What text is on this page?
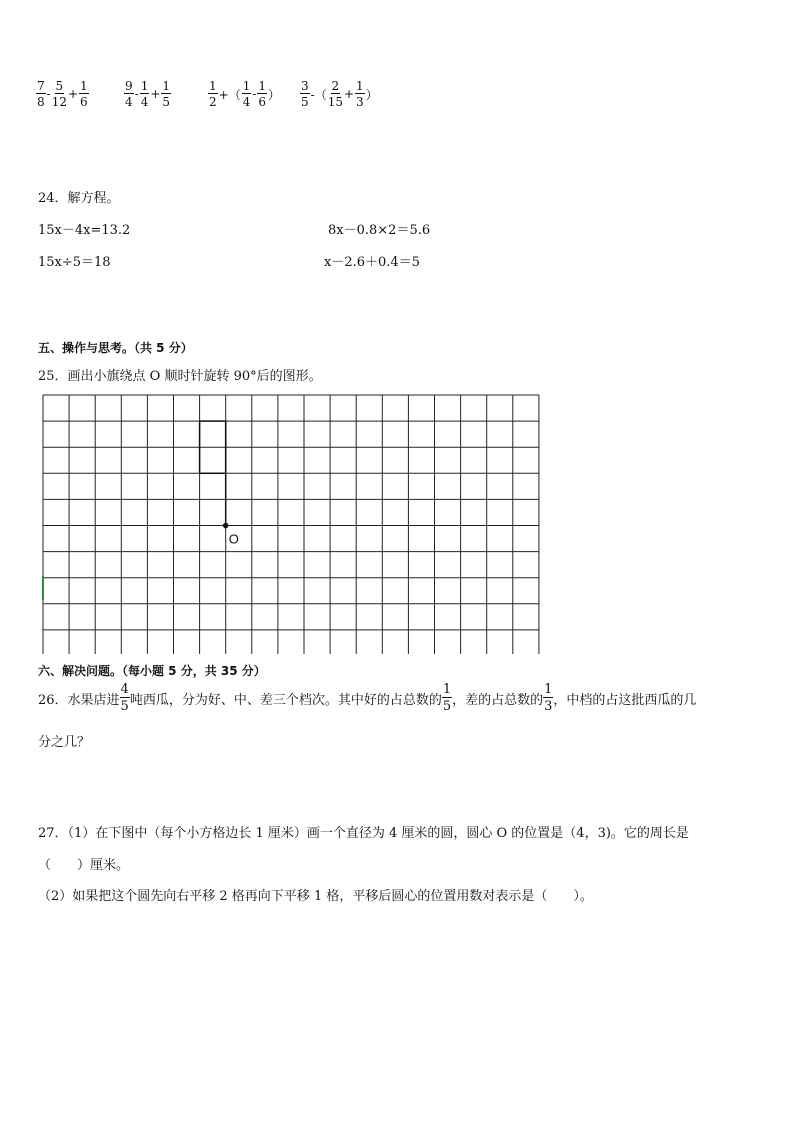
$\frac{7}{8} - \frac{5}{12} + \frac{1}{6}$	$\frac{9}{4} - \frac{1}{4} + \frac{1}{5}$	$\frac{1}{2}$ +（ $\frac{1}{4} - \frac{1}{6}$ ） $\frac{3}{5}$ -（ $\frac{2}{15} + \frac{1}{3}$ ）
24．解方程。
15x－4x=13.2	8x－0.8×2＝5.6
15x÷5＝18	x－2.6＋0.4＝5
五、操作与思考。（共 5 分）
25．画出小旗绕点 O 顺时针旋转 90°后的图形。
O
六、解决问题。（每小题 5 分，共 35 分）
26．水果店进 $\frac{4}{5}$ 吨西瓜，分为好、中、差三个档次。其中好的占总数的 $\frac{1}{5}$ ，差的占总数的 $\frac{1}{3}$ ，中档的占这批西瓜的几
分之几？
27．（1）在下图中（每个小方格边长 1 厘米）画一个直径为 4 厘米的圆，圆心 O 的位置是（4，3)。它的周长是
（　　）厘米。
（2）如果把这个圆先向右平移 2 格再向下平移 1 格，平移后圆心的位置用数对表示是（　　）。
